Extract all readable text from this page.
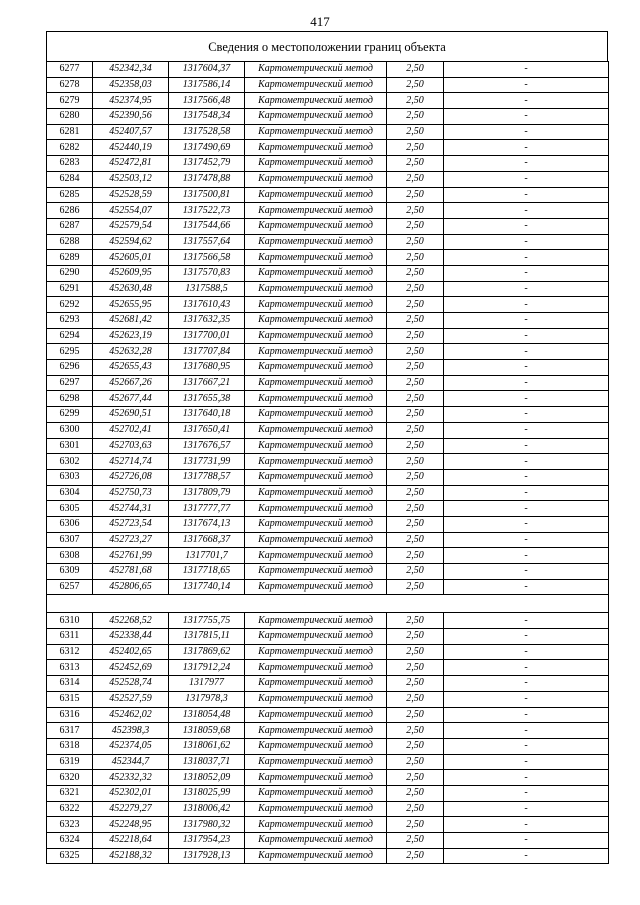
417
Сведения о местоположении границ объекта
6277	452342,34	1317604,37	Картометрический метод	2,50	-
6278	452358,03	1317586,14	Картометрический метод	2,50	-
6279	452374,95	1317566,48	Картометрический метод	2,50	-
6280	452390,56	1317548,34	Картометрический метод	2,50	-
6281	452407,57	1317528,58	Картометрический метод	2,50	-
6282	452440,19	1317490,69	Картометрический метод	2,50	-
6283	452472,81	1317452,79	Картометрический метод	2,50	-
6284	452503,12	1317478,88	Картометрический метод	2,50	-
6285	452528,59	1317500,81	Картометрический метод	2,50	-
6286	452554,07	1317522,73	Картометрический метод	2,50	-
6287	452579,54	1317544,66	Картометрический метод	2,50	-
6288	452594,62	1317557,64	Картометрический метод	2,50	-
6289	452605,01	1317566,58	Картометрический метод	2,50	-
6290	452609,95	1317570,83	Картометрический метод	2,50	-
6291	452630,48	1317588,5	Картометрический метод	2,50	-
6292	452655,95	1317610,43	Картометрический метод	2,50	-
6293	452681,42	1317632,35	Картометрический метод	2,50	-
6294	452623,19	1317700,01	Картометрический метод	2,50	-
6295	452632,28	1317707,84	Картометрический метод	2,50	-
6296	452655,43	1317680,95	Картометрический метод	2,50	-
6297	452667,26	1317667,21	Картометрический метод	2,50	-
6298	452677,44	1317655,38	Картометрический метод	2,50	-
6299	452690,51	1317640,18	Картометрический метод	2,50	-
6300	452702,41	1317650,41	Картометрический метод	2,50	-
6301	452703,63	1317676,57	Картометрический метод	2,50	-
6302	452714,74	1317731,99	Картометрический метод	2,50	-
6303	452726,08	1317788,57	Картометрический метод	2,50	-
6304	452750,73	1317809,79	Картометрический метод	2,50	-
6305	452744,31	1317777,77	Картометрический метод	2,50	-
6306	452723,54	1317674,13	Картометрический метод	2,50	-
6307	452723,27	1317668,37	Картометрический метод	2,50	-
6308	452761,99	1317701,7	Картометрический метод	2,50	-
6309	452781,68	1317718,65	Картометрический метод	2,50	-
6257	452806,65	1317740,14	Картометрический метод	2,50	-

6310	452268,52	1317755,75	Картометрический метод	2,50	-
6311	452338,44	1317815,11	Картометрический метод	2,50	-
6312	452402,65	1317869,62	Картометрический метод	2,50	-
6313	452452,69	1317912,24	Картометрический метод	2,50	-
6314	452528,74	1317977	Картометрический метод	2,50	-
6315	452527,59	1317978,3	Картометрический метод	2,50	-
6316	452462,02	1318054,48	Картометрический метод	2,50	-
6317	452398,3	1318059,68	Картометрический метод	2,50	-
6318	452374,05	1318061,62	Картометрический метод	2,50	-
6319	452344,7	1318037,71	Картометрический метод	2,50	-
6320	452332,32	1318052,09	Картометрический метод	2,50	-
6321	452302,01	1318025,99	Картометрический метод	2,50	-
6322	452279,27	1318006,42	Картометрический метод	2,50	-
6323	452248,95	1317980,32	Картометрический метод	2,50	-
6324	452218,64	1317954,23	Картометрический метод	2,50	-
6325	452188,32	1317928,13	Картометрический метод	2,50	-
